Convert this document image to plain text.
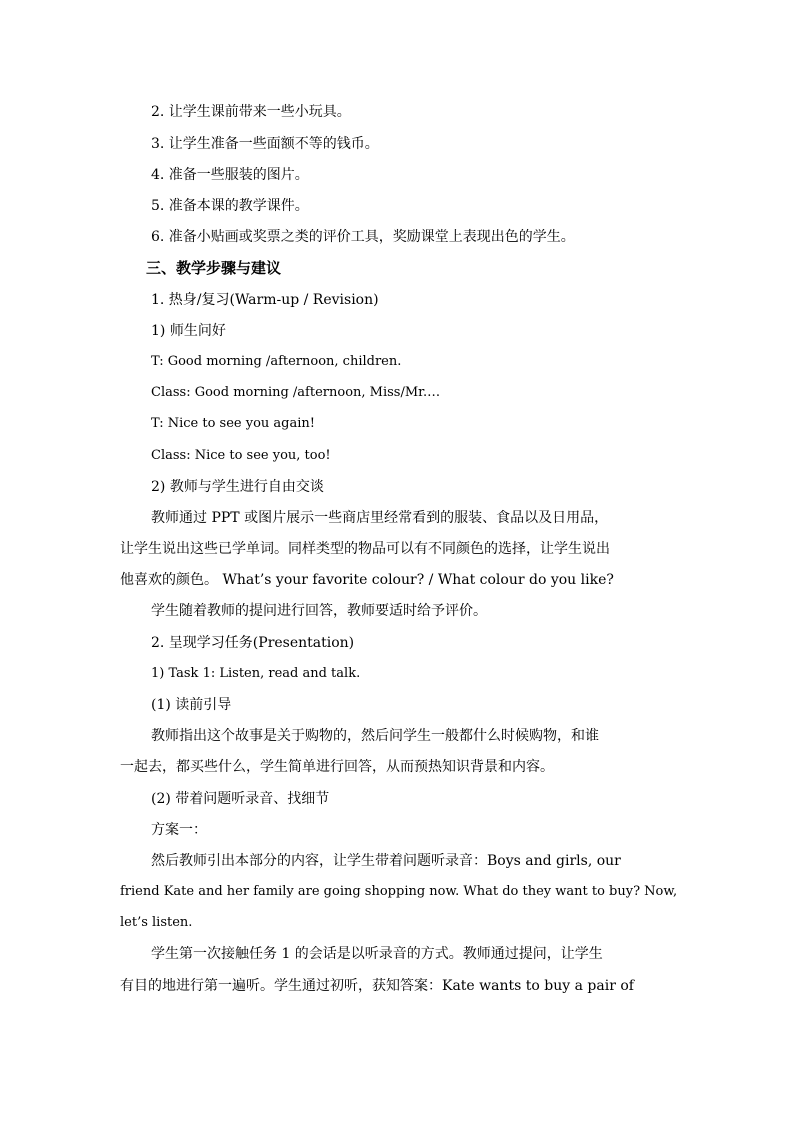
2. 让学生课前带来一些小玩具。
3. 让学生准备一些面额不等的钱币。
4. 准备一些服装的图片。
5. 准备本课的教学课件。
6. 准备小贴画或奖票之类的评价工具，奖励课堂上表现出色的学生。
三、教学步骤与建议
1. 热身/复习(Warm-up / Revision)
1) 师生问好
T: Good morning /afternoon, children.
Class: Good morning /afternoon, Miss/Mr.…
T: Nice to see you again!
Class: Nice to see you, too!
2) 教师与学生进行自由交谈
教师通过 PPT 或图片展示一些商店里经常看到的服装、食品以及日用品，
让学生说出这些已学单词。同样类型的物品可以有不同颜色的选择，让学生说出
他喜欢的颜色。 What’s your favorite colour? / What colour do you like?
学生随着教师的提问进行回答，教师要适时给予评价。
2. 呈现学习任务(Presentation)
1) Task 1: Listen, read and talk.
(1) 读前引导
教师指出这个故事是关于购物的，然后问学生一般都什么时候购物，和谁
一起去，都买些什么，学生简单进行回答，从而预热知识背景和内容。
(2) 带着问题听录音、找细节
方案一：
然后教师引出本部分的内容，让学生带着问题听录音：Boys and girls, our
friend Kate and her family are going shopping now. What do they want to buy? Now,
let’s listen.
学生第一次接触任务 1 的会话是以听录音的方式。教师通过提问，让学生
有目的地进行第一遍听。学生通过初听，获知答案：Kate wants to buy a pair of
